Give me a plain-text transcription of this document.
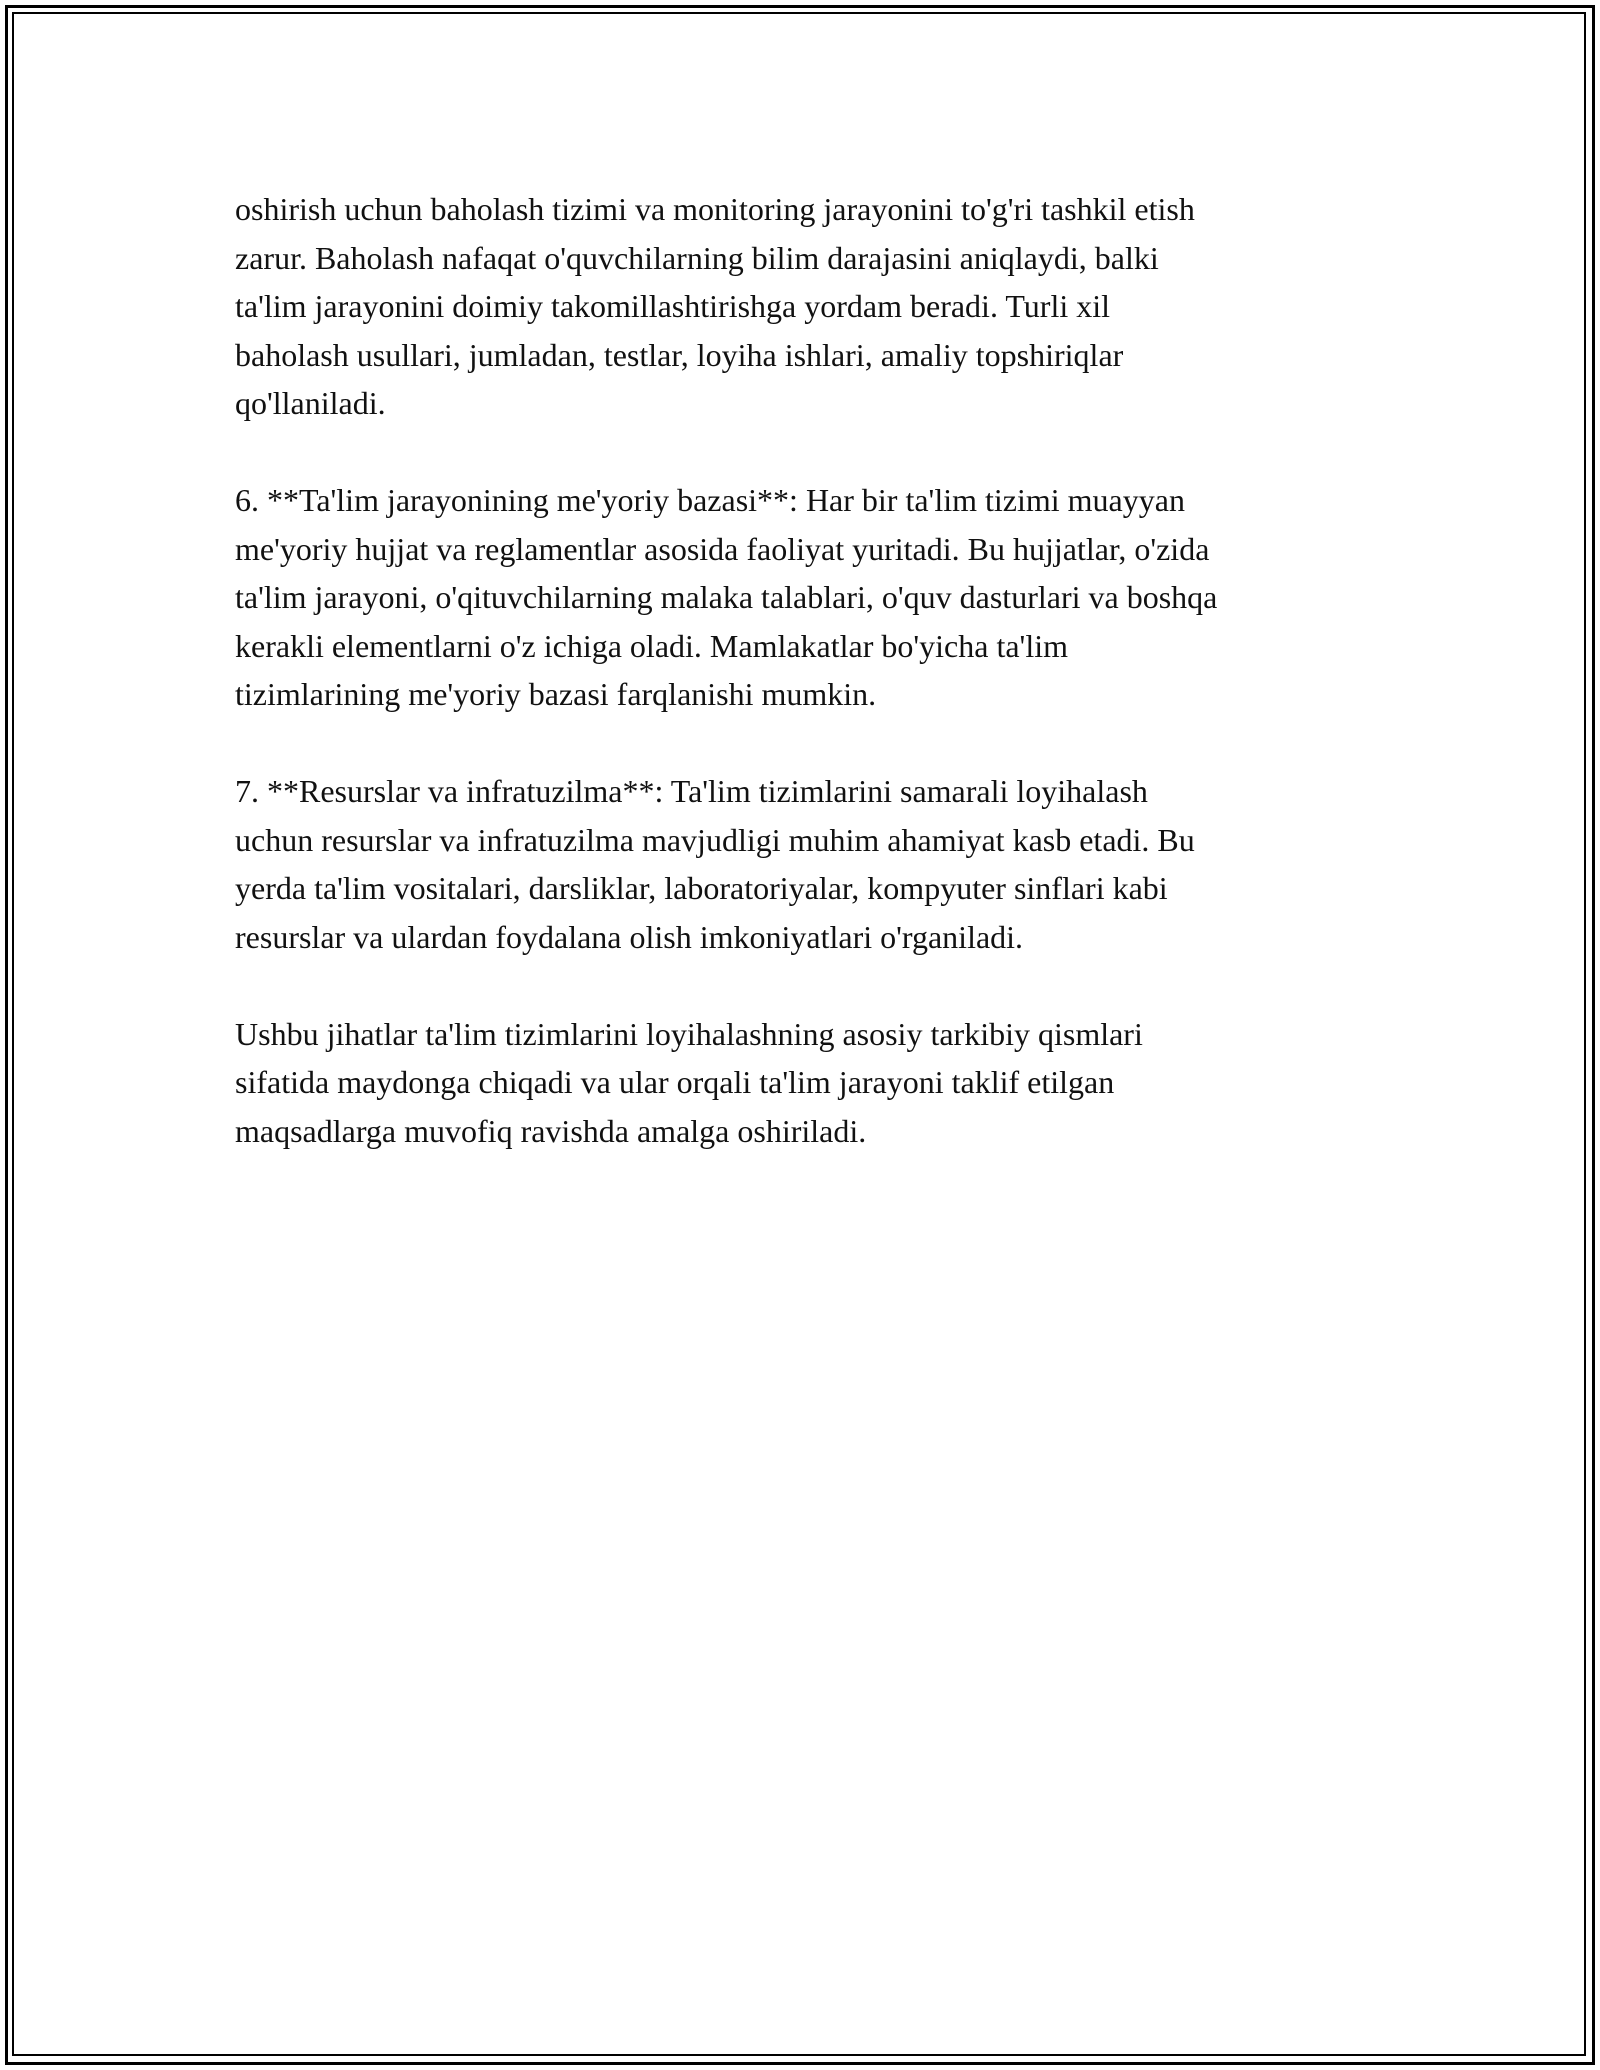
oshirish uchun baholash tizimi va monitoring jarayonini to'g'ri tashkil etish
zarur. Baholash nafaqat o'quvchilarning bilim darajasini aniqlaydi, balki
ta'lim jarayonini doimiy takomillashtirishga yordam beradi. Turli xil
baholash usullari, jumladan, testlar, loyiha ishlari, amaliy topshiriqlar
qo'llaniladi.

6. **Ta'lim jarayonining me'yoriy bazasi**: Har bir ta'lim tizimi muayyan
me'yoriy hujjat va reglamentlar asosida faoliyat yuritadi. Bu hujjatlar, o'zida
ta'lim jarayoni, o'qituvchilarning malaka talablari, o'quv dasturlari va boshqa
kerakli elementlarni o'z ichiga oladi. Mamlakatlar bo'yicha ta'lim
tizimlarining me'yoriy bazasi farqlanishi mumkin.

7. **Resurslar va infratuzilma**: Ta'lim tizimlarini samarali loyihalash
uchun resurslar va infratuzilma mavjudligi muhim ahamiyat kasb etadi. Bu
yerda ta'lim vositalari, darsliklar, laboratoriyalar, kompyuter sinflari kabi
resurslar va ulardan foydalana olish imkoniyatlari o'rganiladi.

Ushbu jihatlar ta'lim tizimlarini loyihalashning asosiy tarkibiy qismlari
sifatida maydonga chiqadi va ular orqali ta'lim jarayoni taklif etilgan
maqsadlarga muvofiq ravishda amalga oshiriladi.
